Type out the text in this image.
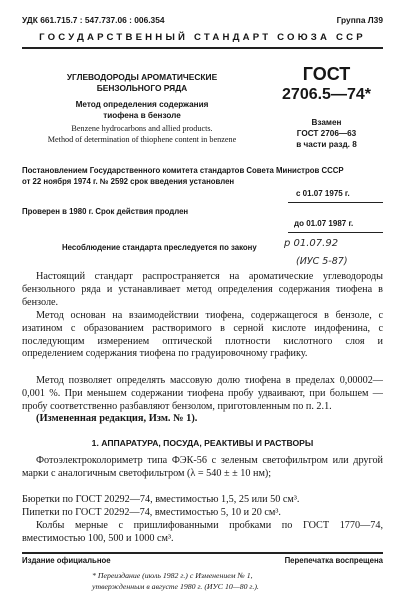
УДК 661.715.7 : 547.737.06 : 006.354	Группа Л39
ГОСУДАРСТВЕННЫЙ СТАНДАРТ СОЮЗА ССР
УГЛЕВОДОРОДЫ АРОМАТИЧЕСКИЕ
БЕНЗОЛЬНОГО РЯДА
Метод определения содержания
тиофена в бензоле
Benzene hydrocarbons and allied products.
Method of determination of thiophene content in benzene
ГОСТ
2706.5—74*
Взамен
ГОСТ 2706—63
в части разд. 8
Постановлением Государственного комитета стандартов Совета Министров СССР
от 22 ноября 1974 г. № 2592 срок введения установлен
с 01.07 1975 г.
Проверен в 1980 г. Срок действия продлен
до 01.07 1987 г.
Несоблюдение стандарта преследуется по закону	р 01.07.92
(ИУС 5-87)
Настоящий стандарт распространяется на ароматические углеводороды бензольного ряда и устанавливает метод определения содержания тиофена в бензоле.
Метод основан на взаимодействии тиофена, содержащегося в бензоле, с изатином с образованием растворимого в серной кислоте индофенина, с последующим измерением оптической плотности кислотного слоя и определением содержания тиофена по градуировочному графику.
Метод позволяет определять массовую долю тиофена в пределах 0,00002—0,001 %. При меньшем содержании тиофена пробу удваивают, при большем — пробу соответственно разбавляют бензолом, приготовленным по п. 2.1.
(Измененная редакция, Изм. № 1).
1. АППАРАТУРА, ПОСУДА, РЕАКТИВЫ И РАСТВОРЫ
Фотоэлектроколориметр типа ФЭК-56 с зеленым светофильтром или другой марки с аналогичным светофильтром (λ = 540 ± ± 10 нм);
Бюретки по ГОСТ 20292—74, вместимостью 1,5, 25 или 50 см³.
Пипетки по ГОСТ 20292—74, вместимостью 5, 10 и 20 см³.
Колбы мерные с пришлифованными пробками по ГОСТ 1770—74, вместимостью 100, 500 и 1000 см³.
Издание официальное	Перепечатка воспрещена
* Переиздание (июль 1982 г.) с Изменением № 1,
утвержденным в августе 1980 г. (ИУС 10—80 г.).
